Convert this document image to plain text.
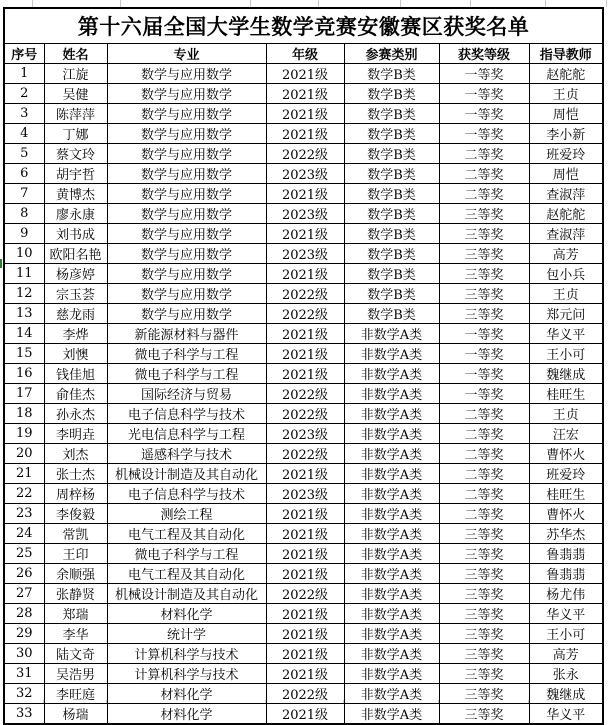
第十六届全国大学生数学竞赛安徽赛区获奖名单						
序号	姓名	专业	年级	参赛类别	获奖等级	指导教师
1	江旋	数学与应用数学	2021级	数学B类	一等奖	赵舵舵
2	吴健	数学与应用数学	2021级	数学B类	一等奖	王贞
3	陈萍萍	数学与应用数学	2021级	数学B类	一等奖	周恺
4	丁娜	数学与应用数学	2021级	数学B类	一等奖	李小新
5	蔡文玲	数学与应用数学	2022级	数学B类	二等奖	班爱玲
6	胡宇哲	数学与应用数学	2023级	数学B类	二等奖	周恺
7	黄博杰	数学与应用数学	2021级	数学B类	二等奖	查淑萍
8	廖永康	数学与应用数学	2023级	数学B类	三等奖	赵舵舵
9	刘书成	数学与应用数学	2021级	数学B类	三等奖	查淑萍
10	欧阳名艳	数学与应用数学	2023级	数学B类	三等奖	高芳
11	杨彦婷	数学与应用数学	2021级	数学B类	三等奖	包小兵
12	宗玉荟	数学与应用数学	2022级	数学B类	三等奖	王贞
13	慈龙雨	数学与应用数学	2022级	数学B类	三等奖	郑元问
14	李烨	新能源材料与器件	2021级	非数学A类	一等奖	华义平
15	刘懊	微电子科学与工程	2021级	非数学A类	一等奖	王小可
16	钱佳旭	微电子科学与工程	2021级	非数学A类	一等奖	魏继成
17	俞佳杰	国际经济与贸易	2022级	非数学A类	一等奖	桂旺生
18	孙永杰	电子信息科学与技术	2022级	非数学A类	二等奖	王贞
19	李明垚	光电信息科学与工程	2023级	非数学A类	二等奖	汪宏
20	刘杰	遥感科学与技术	2022级	非数学A类	二等奖	曹怀火
21	张士杰	机械设计制造及其自动化	2021级	非数学A类	二等奖	班爱玲
22	周梓杨	电子信息科学与技术	2023级	非数学A类	二等奖	桂旺生
23	李俊毅	测绘工程	2021级	非数学A类	二等奖	曹怀火
24	常凯	电气工程及其自动化	2021级	非数学A类	三等奖	苏华杰
25	王印	微电子科学与工程	2021级	非数学A类	三等奖	鲁翡翡
26	余顺强	电气工程及其自动化	2021级	非数学A类	三等奖	鲁翡翡
27	张静贤	机械设计制造及其自动化	2022级	非数学A类	三等奖	杨尤伟
28	郑瑞	材料化学	2021级	非数学A类	三等奖	华义平
29	李华	统计学	2021级	非数学A类	三等奖	王小可
30	陆文奇	计算机科学与技术	2021级	非数学A类	三等奖	高芳
31	吴浩男	计算机科学与技术	2021级	非数学A类	三等奖	张永
32	李旺庭	材料化学	2022级	非数学A类	三等奖	魏继成
33	杨瑞	材料化学	2021级	非数学A类	三等奖	华义平
